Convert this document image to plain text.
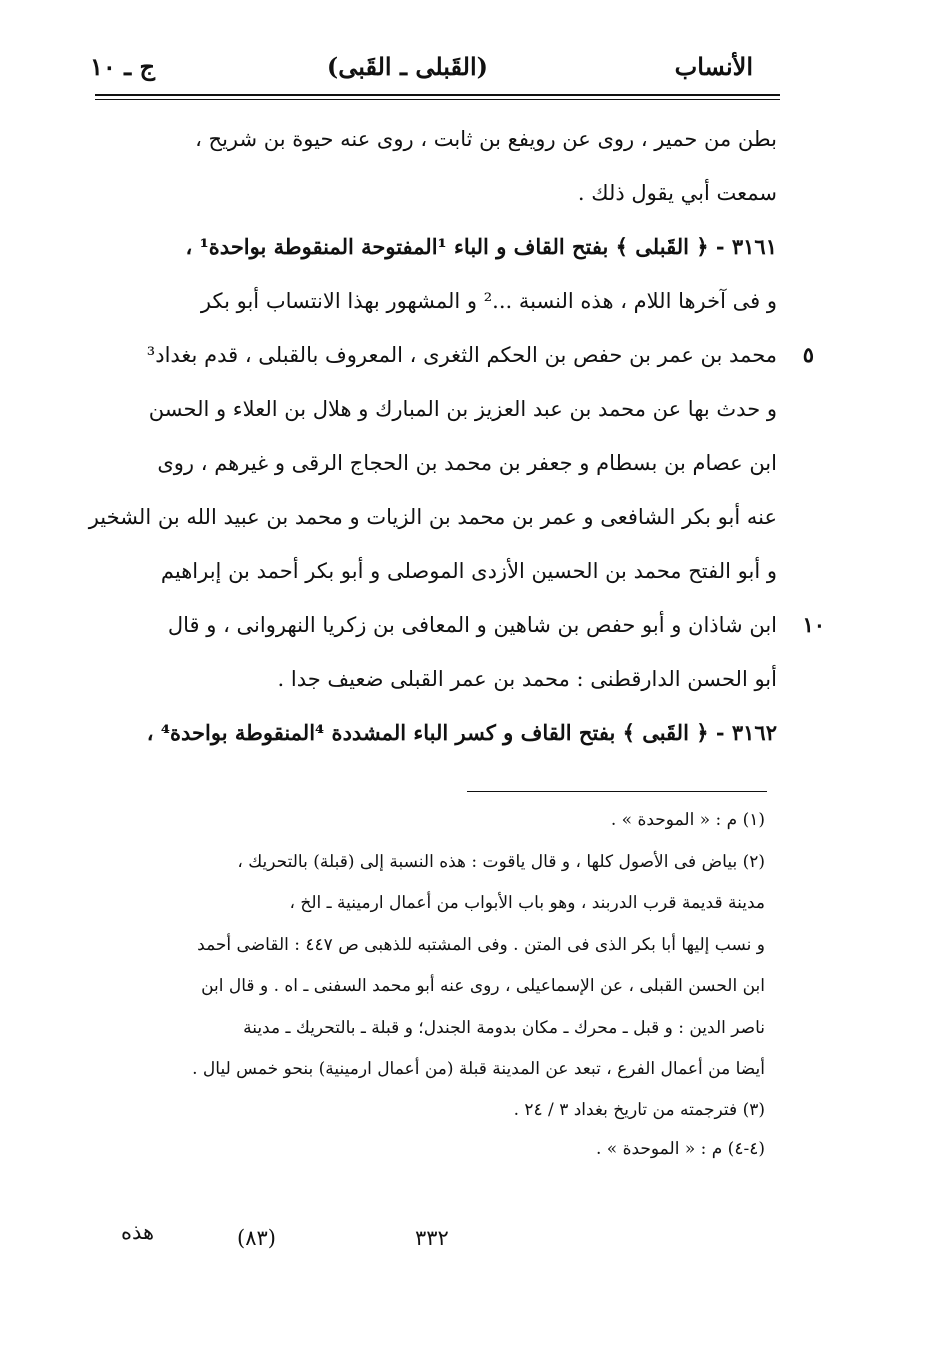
الأنساب
(القَبلى ـ القَبى)
ج ـ ١٠
بطن من حمير ، روى عن رويفع بن ثابت ، روى عنه حيوة بن شريح ،
سمعت أبي يقول ذلك .
٣١٦١ - ﴿ القَبلى ﴾ بفتح القاف و الباء ¹المفتوحة المنقوطة بواحدة¹ ،
و فى آخرها اللام ، هذه النسبة ...² و المشهور بهذا الانتساب أبو بكر
٥
محمد بن عمر بن حفص بن الحكم الثغرى ، المعروف بالقبلى ، قدم بغداد³
و حدث بها عن محمد بن عبد العزيز بن المبارك و هلال بن العلاء و الحسن
ابن عصام بن بسطام و جعفر بن محمد بن الحجاج الرقى و غيرهم ، روى
عنه أبو بكر الشافعى و عمر بن محمد بن الزيات و محمد بن عبيد الله بن الشخير
و أبو الفتح محمد بن الحسين الأزدى الموصلى و أبو بكر أحمد بن إبراهيم
١٠
ابن شاذان و أبو حفص بن شاهين و المعافى بن زكريا النهروانى ، و قال
أبو الحسن الدارقطنى : محمد بن عمر القبلى ضعيف جدا .
٣١٦٢ - ﴿ القَبى ﴾ بفتح القاف و كسر الباء المشددة ⁴المنقوطة بواحدة⁴ ،
(١) م : « الموحدة » .
(٢) بياض فى الأصول كلها ، و قال ياقوت : هذه النسبة إلى (قبلة) بالتحريك ،
مدينة قديمة قرب الدربند ، وهو باب الأبواب من أعمال ارمينية ـ الخ ،
و نسب إليها أبا بكر الذى فى المتن . وفى المشتبه للذهبى ص ٤٤٧ : القاضى أحمد
ابن الحسن القبلى ، عن الإسماعيلى ، روى عنه أبو محمد السفنى ـ اه . و قال ابن
ناصر الدين : و قبل ـ محرك ـ مكان بدومة الجندل؛ و قبلة ـ بالتحريك ـ مدينة
أيضا من أعمال الفرع ، تبعد عن المدينة قبلة (من أعمال ارمينية) بنحو خمس ليال .
(٣) فترجمته من تاريخ بغداد ٣ / ٢٤ .
(٤-٤) م : « الموحدة » .
٣٣٢
(٨٣)
هذه
